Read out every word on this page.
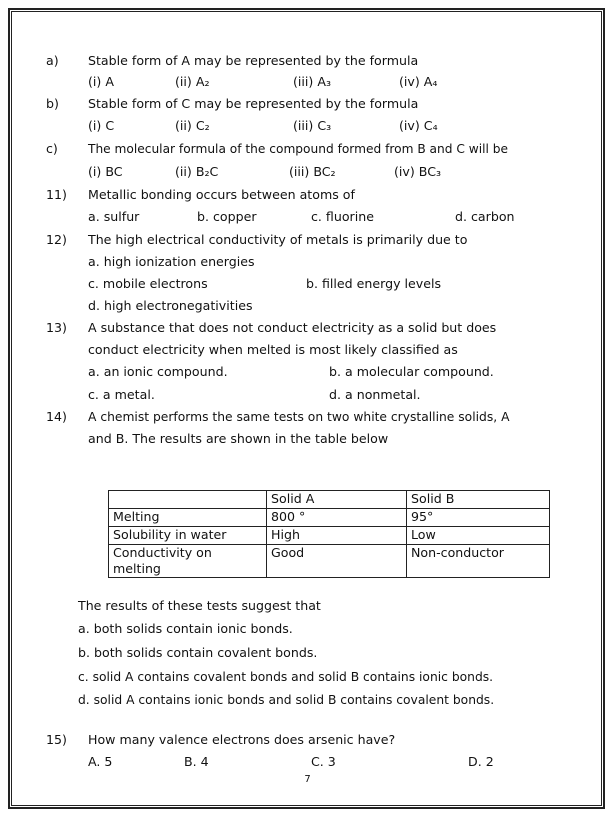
a) Stable form of A may be represented by the formula
(i) A	(ii) A₂	(iii) A₃	(iv) A₄
b) Stable form of C may be represented by the formula
(i) C	(ii) C₂	(iii) C₃	(iv) C₄
c) The molecular formula of the compound formed from B and C will be
(i) BC	(ii) B₂C	(iii) BC₂	(iv) BC₃
11) Metallic bonding occurs between atoms of
a. sulfur	b. copper	c. fluorine	d. carbon
12) The high electrical conductivity of metals is primarily due to
a. high ionization energies
c. mobile electrons	b. filled energy levels
d. high electronegativities
13) A substance that does not conduct electricity as a solid but does
conduct electricity when melted is most likely classified as
a. an ionic compound.	b. a molecular compound.
c. a metal.	d. a nonmetal.
14) A chemist performs the same tests on two white crystalline solids, A
and B. The results are shown in the table below
	Solid A	Solid B
Melting	800 °	95°
Solubility in water	High	Low
Conductivity on melting	Good	Non-conductor
The results of these tests suggest that
a. both solids contain ionic bonds.
b. both solids contain covalent bonds.
c. solid A contains covalent bonds and solid B contains ionic bonds.
d. solid A contains ionic bonds and solid B contains covalent bonds.
15) How many valence electrons does arsenic have?
A. 5	B. 4	C. 3	D. 2
7
